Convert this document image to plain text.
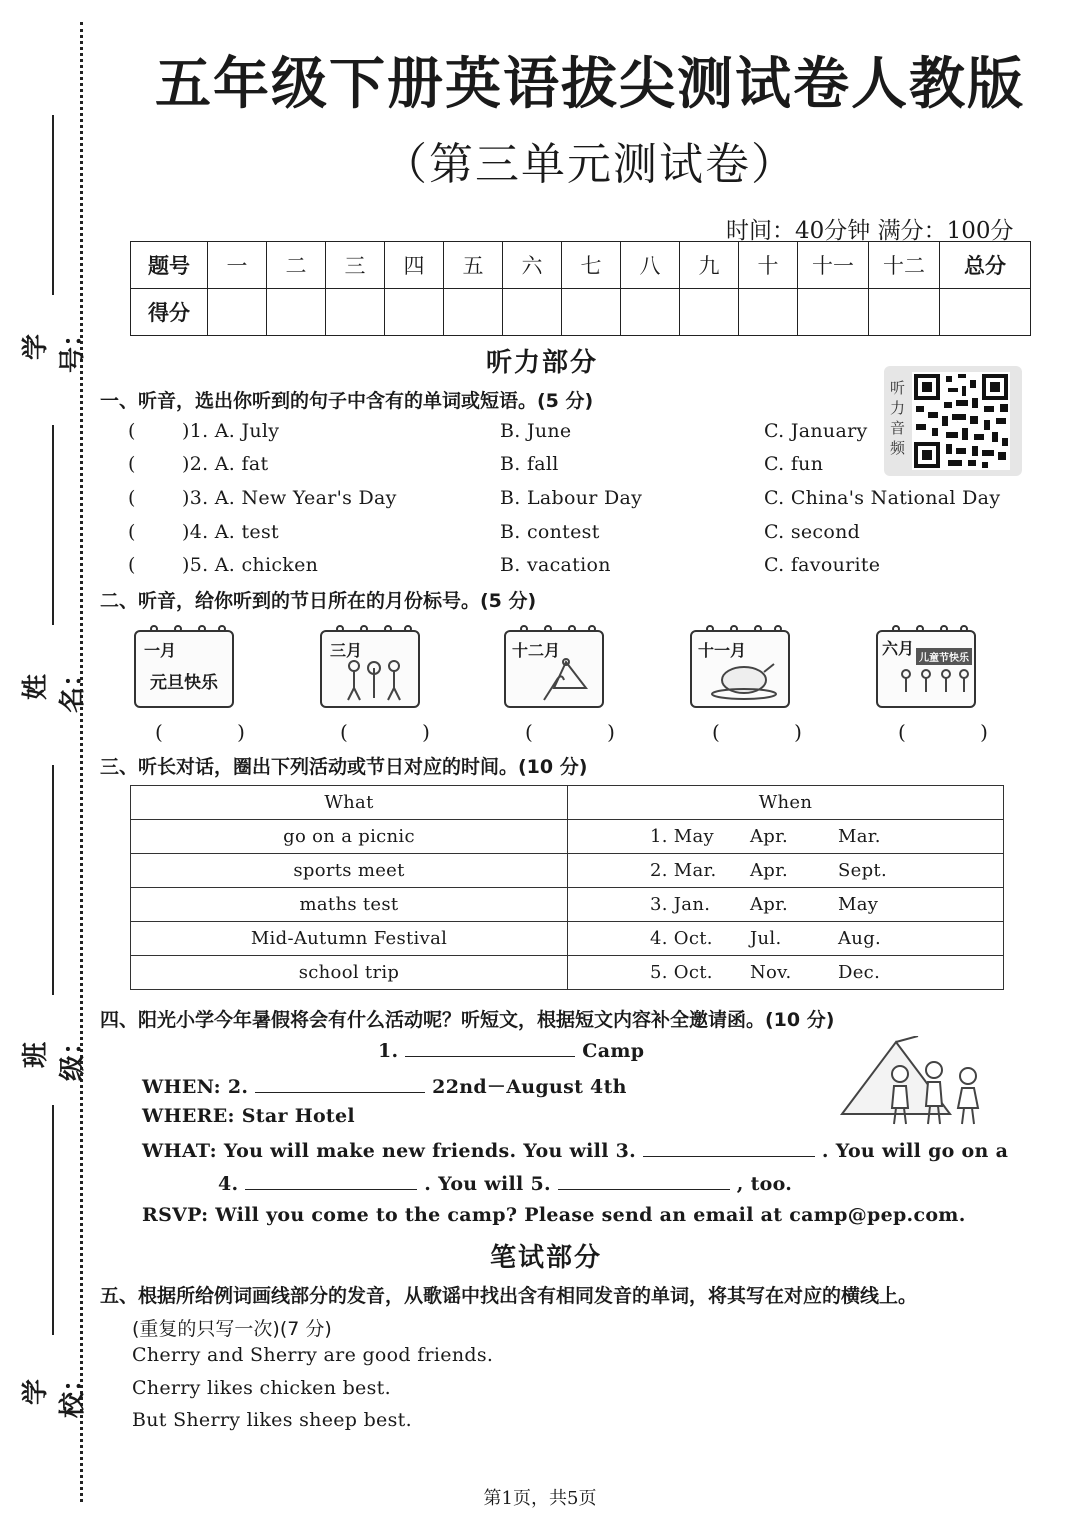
学号：
姓名：
班级：
学校：
五年级下册英语拔尖测试卷人教版
（第三单元测试卷）
时间：40分钟 满分：100分
题号	一	二	三	四	五	六	七	八	九	十	十一	十二	总分
得分													
听力部分
听力音频
一、听音，选出你听到的句子中含有的单词或短语。(5 分)
( )1. A. July	B. June	C. January
( )2. A. fat	B. fall	C. fun
( )3. A. New Year's Day	B. Labour Day	C. China's National Day
( )4. A. test	B. contest	C. second
( )5. A. chicken	B. vacation	C. favourite
二、听音，给你听到的节日所在的月份标号。(5 分)
一月
元旦快乐
( )
三月
( )
十二月
( )
十一月
( )
六月
儿童节快乐
( )
三、听长对话，圈出下列活动或节日对应的时间。(10 分)
What	When
go on a picnic	1. May Apr. Mar.

sports meet	2. Mar. Apr. Sept.

maths test	3. Jan. Apr. May

Mid-Autumn Festival	4. Oct. Jul. Aug.

school trip	5. Oct. Nov. Dec.
四、阳光小学今年暑假将会有什么活动呢？听短文，根据短文内容补全邀请函。(10 分)
1.	Camp
WHEN: 2.	22nd－August 4th
WHERE: Star Hotel
WHAT: You will make new friends. You will 3.	. You will go on a
4.	. You will 5.	, too.
RSVP: Will you come to the camp? Please send an email at camp@pep.com.
笔试部分
五、根据所给例词画线部分的发音，从歌谣中找出含有相同发音的单词，将其写在对应的横线上。
(重复的只写一次)(7 分)
Cherry and Sherry are good friends.
Cherry likes chicken best.
But Sherry likes sheep best.
第1页，共5页
